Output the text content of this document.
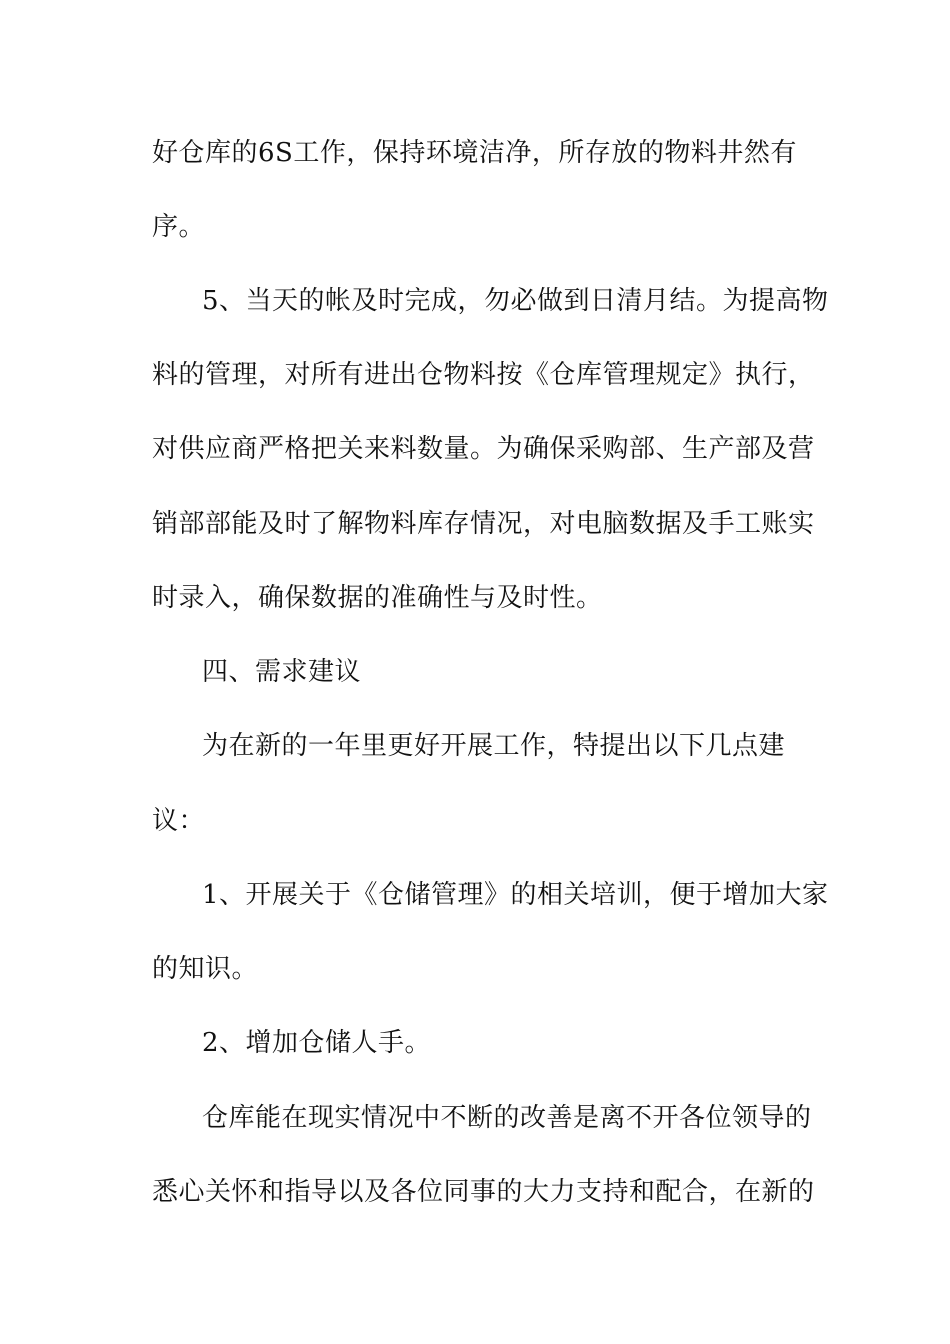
好仓库的6S工作，保持环境洁净，所存放的物料井然有
序。
5、当天的帐及时完成，勿必做到日清月结。为提高物
料的管理，对所有进出仓物料按《仓库管理规定》执行，
对供应商严格把关来料数量。为确保采购部、生产部及营
销部部能及时了解物料库存情况，对电脑数据及手工账实
时录入，确保数据的准确性与及时性。
四、需求建议
为在新的一年里更好开展工作，特提出以下几点建
议：
1、开展关于《仓储管理》的相关培训，便于增加大家
的知识。
2、增加仓储人手。
仓库能在现实情况中不断的改善是离不开各位领导的
悉心关怀和指导以及各位同事的大力支持和配合，在新的
